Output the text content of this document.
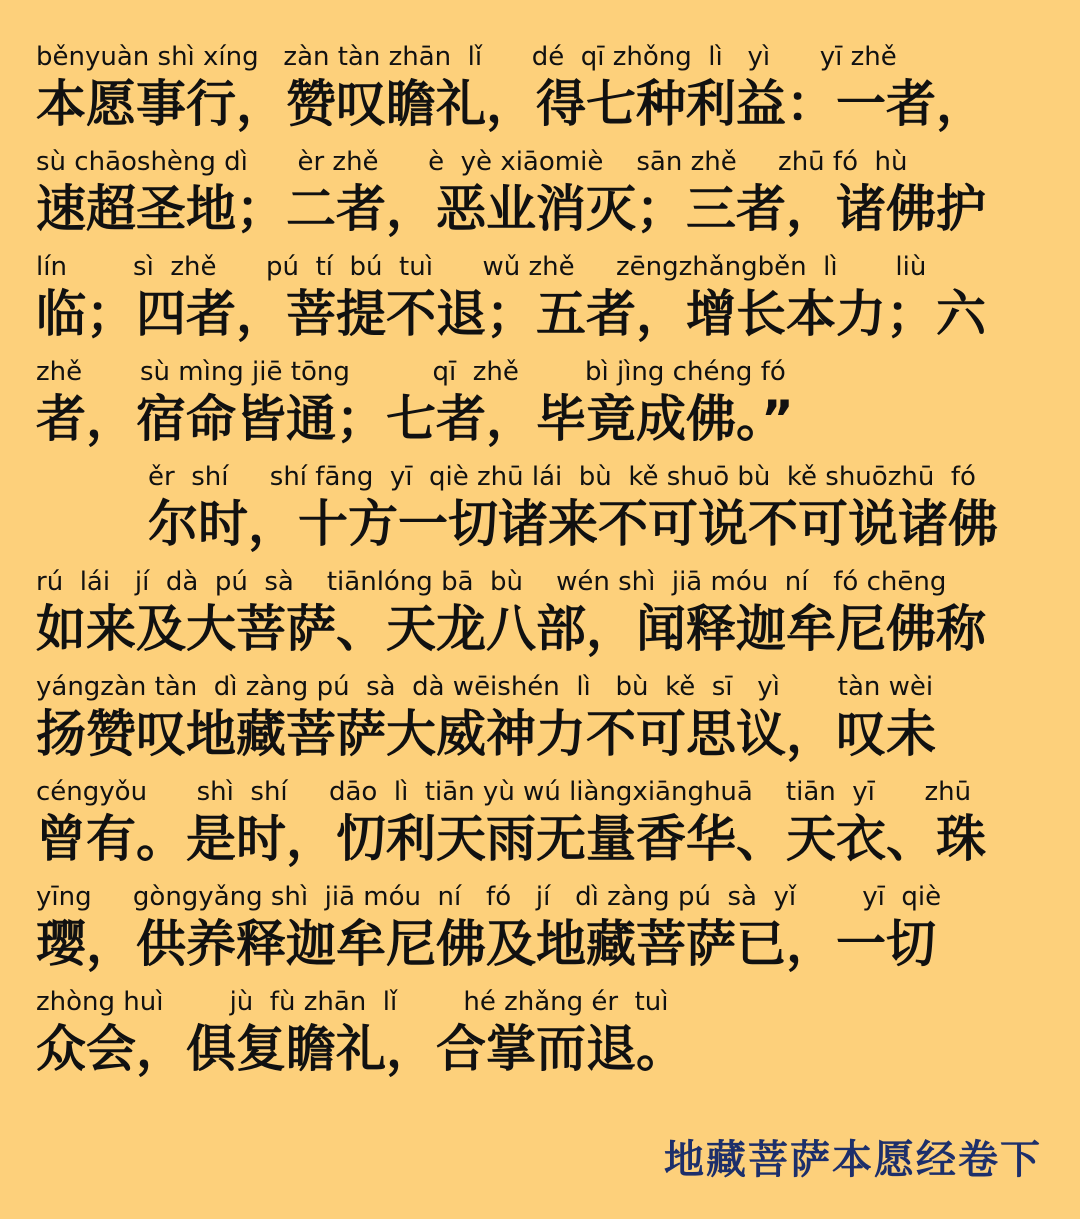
běnyuàn shì xíng   zàn tàn zhān  lǐ      dé  qī zhǒng  lì   yì      yī zhě
本愿事行，赞叹瞻礼，得七种利益：一者，
sù chāoshèng dì      èr zhě      è  yè xiāomiè    sān zhě     zhū fó  hù
速超圣地；二者，恶业消灭；三者，诸佛护
lín        sì  zhě      pú  tí  bú  tuì      wǔ zhě     zēngzhǎngběn  lì       liù
临；四者，菩提不退；五者，增长本力；六
zhě       sù mìng jiē tōng          qī  zhě        bì jìng chéng fó
者，宿命皆通；七者，毕竟成佛。”
ěr  shí     shí fāng  yī  qiè zhū lái  bù  kě shuō bù  kě shuōzhū  fó
尔时，十方一切诸来不可说不可说诸佛
rú  lái   jí  dà  pú  sà    tiānlóng bā  bù    wén shì  jiā móu  ní   fó chēng
如来及大菩萨、天龙八部，闻释迦牟尼佛称
yángzàn tàn  dì zàng pú  sà  dà wēishén  lì   bù  kě  sī   yì       tàn wèi
扬赞叹地藏菩萨大威神力不可思议，叹未
céngyǒu      shì  shí     dāo  lì  tiān yù wú liàngxiānghuā    tiān  yī      zhū
曾有。是时，忉利天雨无量香华、天衣、珠
yīng     gòngyǎng shì  jiā móu  ní   fó   jí   dì zàng pú  sà  yǐ        yī  qiè
璎，供养释迦牟尼佛及地藏菩萨已，一切
zhòng huì        jù  fù zhān  lǐ        hé zhǎng ér  tuì
众会，俱复瞻礼，合掌而退。
地藏菩萨本愿经卷下
